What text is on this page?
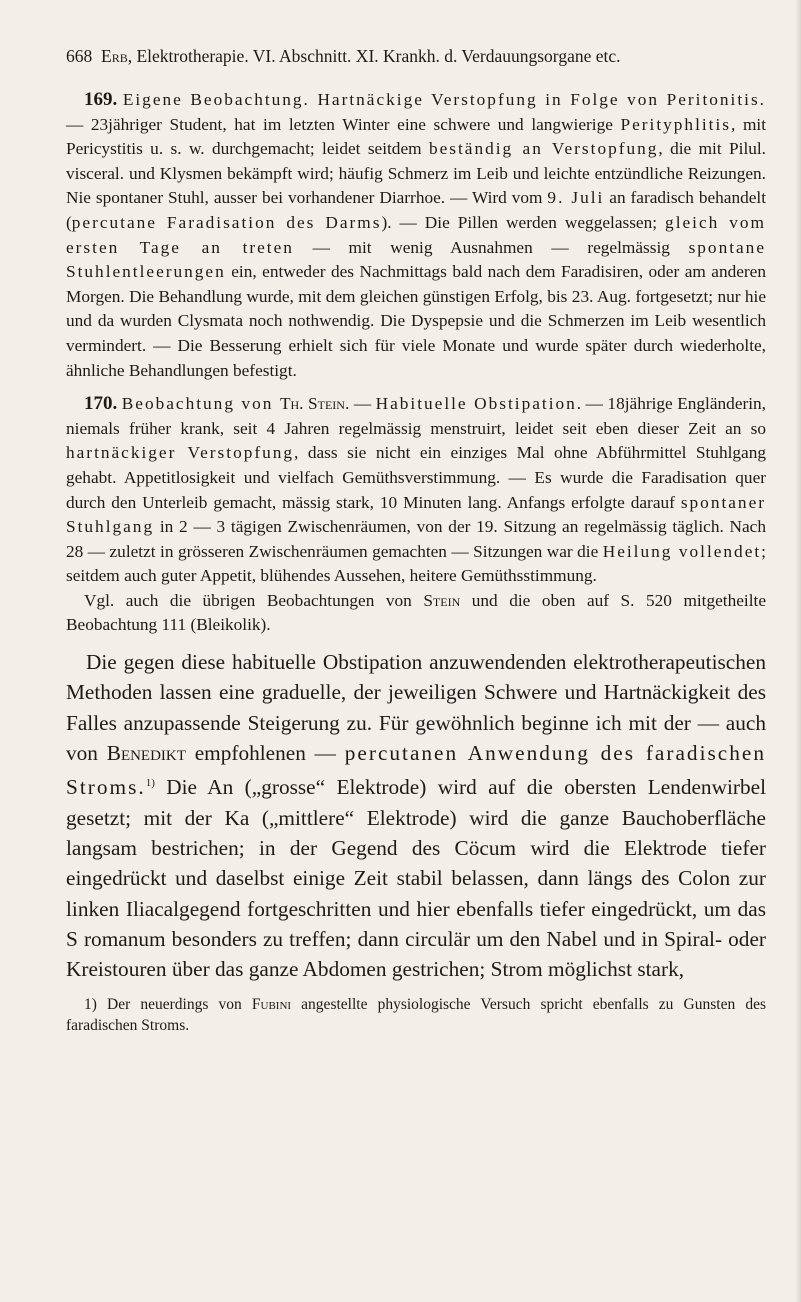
668 Erb, Elektrotherapie. VI. Abschnitt. XI. Krankh. d. Verdauungsorgane etc.

169. Eigene Beobachtung. Hartnäckige Verstopfung in Folge von Peritonitis. — 23jähriger Student, hat im letzten Winter eine schwere und langwierige Perityphlitis, mit Pericystitis u. s. w. durchgemacht; leidet seitdem beständig an Verstopfung, die mit Pilul. visceral. und Klysmen bekämpft wird; häufig Schmerz im Leib und leichte entzündliche Reizungen. Nie spontaner Stuhl, ausser bei vorhandener Diarrhoe. — Wird vom 9. Juli an faradisch behandelt (percutane Faradisation des Darms). — Die Pillen werden weggelassen; gleich vom ersten Tage an treten — mit wenig Ausnahmen — regelmässig spontane Stuhlentleerungen ein, entweder des Nachmittags bald nach dem Faradisiren, oder am anderen Morgen. Die Behandlung wurde, mit dem gleichen günstigen Erfolg, bis 23. Aug. fortgesetzt; nur hie und da wurden Clysmata noch nothwendig. Die Dyspepsie und die Schmerzen im Leib wesentlich vermindert. — Die Besserung erhielt sich für viele Monate und wurde später durch wiederholte, ähnliche Behandlungen befestigt.

170. Beobachtung von Th. Stein. — Habituelle Obstipation. — 18jährige Engländerin, niemals früher krank, seit 4 Jahren regelmässig menstruirt, leidet seit eben dieser Zeit an so hartnäckiger Verstopfung, dass sie nicht ein einziges Mal ohne Abführmittel Stuhlgang gehabt. Appetitlosigkeit und vielfach Gemüthsverstimmung. — Es wurde die Faradisation quer durch den Unterleib gemacht, mässig stark, 10 Minuten lang. Anfangs erfolgte darauf spontaner Stuhlgang in 2 — 3 tägigen Zwischenräumen, von der 19. Sitzung an regelmässig täglich. Nach 28 — zuletzt in grösseren Zwischenräumen gemachten — Sitzungen war die Heilung vollendet; seitdem auch guter Appetit, blühendes Aussehen, heitere Gemüthsstimmung.

Vgl. auch die übrigen Beobachtungen von Stein und die oben auf S. 520 mitgetheilte Beobachtung 111 (Bleikolik).

Die gegen diese habituelle Obstipation anzuwendenden elektrotherapeutischen Methoden lassen eine graduelle, der jeweiligen Schwere und Hartnäckigkeit des Falles anzupassende Steigerung zu. Für gewöhnlich beginne ich mit der — auch von Benedikt empfohlenen — percutanen Anwendung des faradischen Stroms.$^{1)}$ Die An („grosse“ Elektrode) wird auf die obersten Lendenwirbel gesetzt; mit der Ka („mittlere“ Elektrode) wird die ganze Bauchoberfläche langsam bestrichen; in der Gegend des Cöcum wird die Elektrode tiefer eingedrückt und daselbst einige Zeit stabil belassen, dann längs des Colon zur linken Iliacalgegend fortgeschritten und hier ebenfalls tiefer eingedrückt, um das S romanum besonders zu treffen; dann circulär um den Nabel und in Spiral- oder Kreistouren über das ganze Abdomen gestrichen; Strom möglichst stark,

1) Der neuerdings von Fubini angestellte physiologische Versuch spricht ebenfalls zu Gunsten des faradischen Stroms.
